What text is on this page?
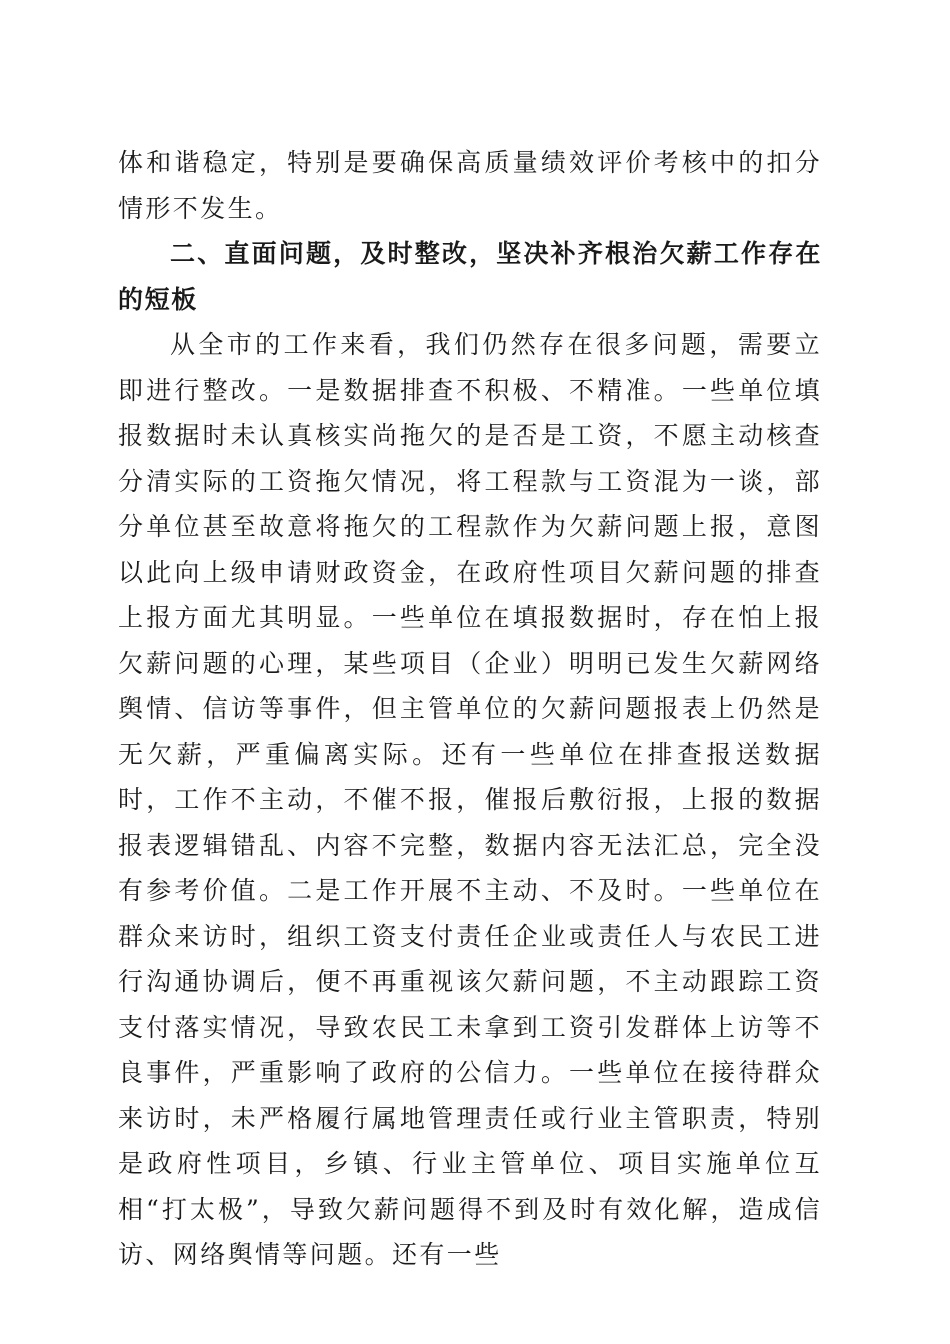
体和谐稳定，特别是要确保高质量绩效评价考核中的扣分情形不发生。

二、直面问题，及时整改，坚决补齐根治欠薪工作存在的短板

从全市的工作来看，我们仍然存在很多问题，需要立即进行整改。一是数据排查不积极、不精准。一些单位填报数据时未认真核实尚拖欠的是否是工资，不愿主动核查分清实际的工资拖欠情况，将工程款与工资混为一谈，部分单位甚至故意将拖欠的工程款作为欠薪问题上报，意图以此向上级申请财政资金，在政府性项目欠薪问题的排查上报方面尤其明显。一些单位在填报数据时，存在怕上报欠薪问题的心理，某些项目（企业）明明已发生欠薪网络舆情、信访等事件，但主管单位的欠薪问题报表上仍然是无欠薪，严重偏离实际。还有一些单位在排查报送数据时，工作不主动，不催不报，催报后敷衍报，上报的数据报表逻辑错乱、内容不完整，数据内容无法汇总，完全没有参考价值。二是工作开展不主动、不及时。一些单位在群众来访时，组织工资支付责任企业或责任人与农民工进行沟通协调后，便不再重视该欠薪问题，不主动跟踪工资支付落实情况，导致农民工未拿到工资引发群体上访等不良事件，严重影响了政府的公信力。一些单位在接待群众来访时，未严格履行属地管理责任或行业主管职责，特别是政府性项目，乡镇、行业主管单位、项目实施单位互相“打太极”，导致欠薪问题得不到及时有效化解，造成信访、网络舆情等问题。还有一些
